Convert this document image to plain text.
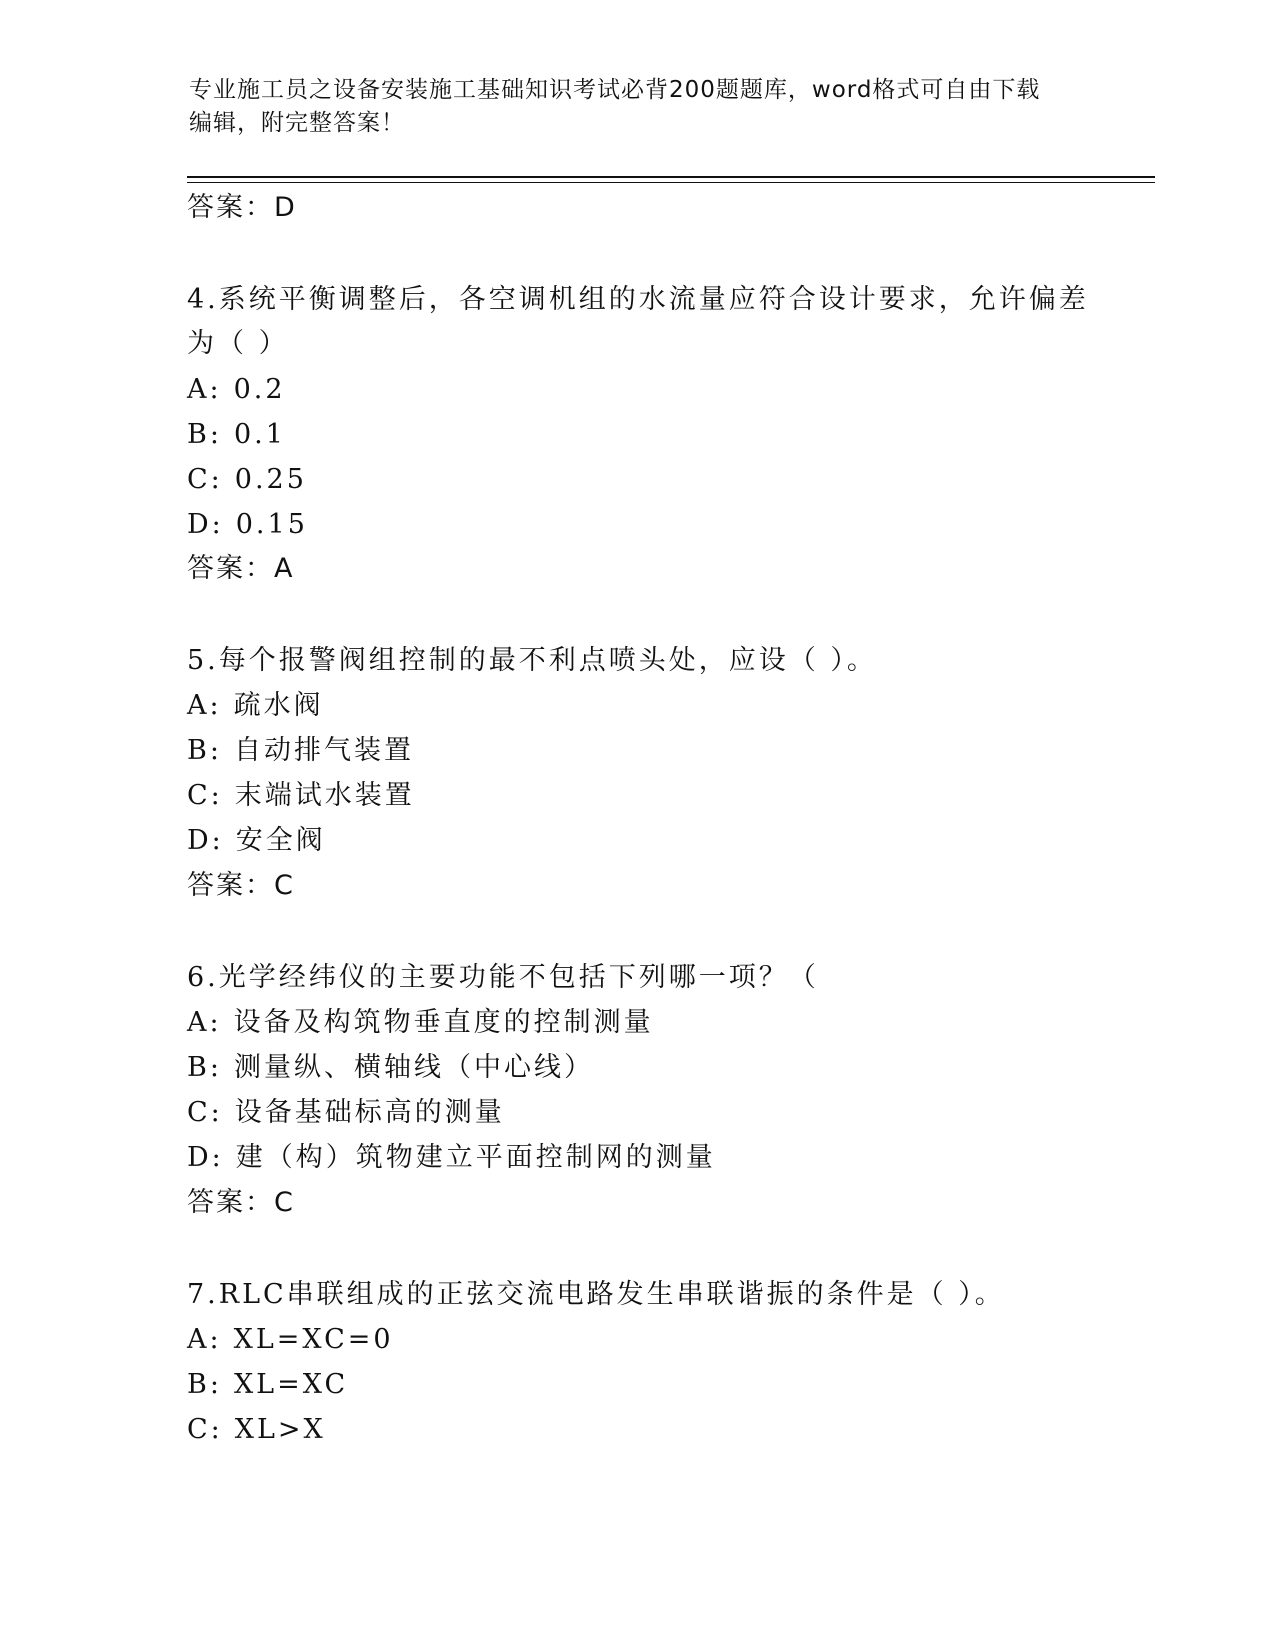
专业施工员之设备安装施工基础知识考试必背200题题库，word格式可自由下载
编辑，附完整答案！
答案：D
4.系统平衡调整后，各空调机组的水流量应符合设计要求，允许偏差
为（ ）
A: 0.2
B: 0.1
C: 0.25
D: 0.15
答案：A
5.每个报警阀组控制的最不利点喷头处，应设（ ）。
A: 疏水阀
B: 自动排气装置
C: 末端试水装置
D: 安全阀
答案：C
6.光学经纬仪的主要功能不包括下列哪一项？（
A: 设备及构筑物垂直度的控制测量
B: 测量纵、横轴线（中心线）
C: 设备基础标高的测量
D: 建（构）筑物建立平面控制网的测量
答案：C
7.RLC串联组成的正弦交流电路发生串联谐振的条件是（ ）。
A: XL=XC=0
B: XL=XC
C: XL>X
